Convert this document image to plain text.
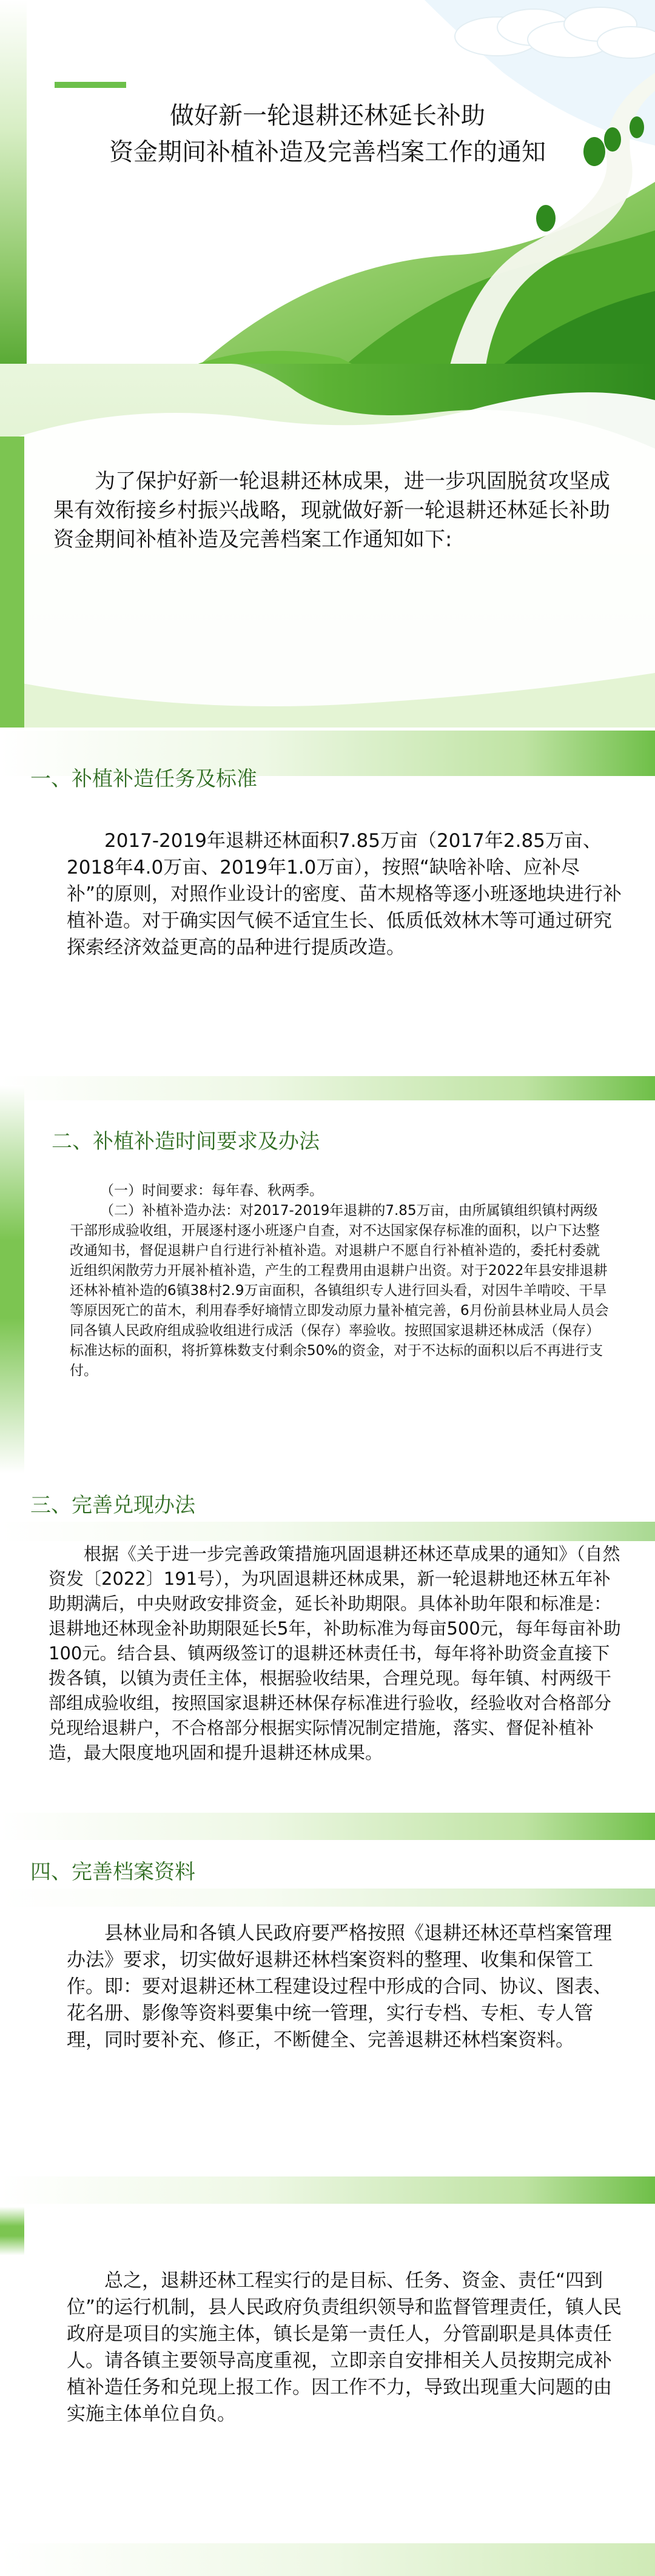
做好新一轮退耕还林延长补助
资金期间补植补造及完善档案工作的通知
为了保护好新一轮退耕还林成果，进一步巩固脱贫攻坚成果有效衔接乡村振兴战略，现就做好新一轮退耕还林延长补助资金期间补植补造及完善档案工作通知如下:
一、补植补造任务及标准
2017-2019年退耕还林面积7.85万亩（2017年2.85万亩、2018年4.0万亩、2019年1.0万亩），按照“缺啥补啥、应补尽补”的原则，对照作业设计的密度、苗木规格等逐小班逐地块进行补植补造。对于确实因气候不适宜生长、低质低效林木等可通过研究探索经济效益更高的品种进行提质改造。
二、补植补造时间要求及办法
（一）时间要求：每年春、秋两季。
（二）补植补造办法：对2017-2019年退耕的7.85万亩，由所属镇组织镇村两级干部形成验收组，开展逐村逐小班逐户自查，对不达国家保存标准的面积，以户下达整改通知书，督促退耕户自行进行补植补造。对退耕户不愿自行补植补造的，委托村委就近组织闲散劳力开展补植补造，产生的工程费用由退耕户出资。对于2022年县安排退耕还林补植补造的6镇38村2.9万亩面积，各镇组织专人进行回头看，对因牛羊啃咬、干旱等原因死亡的苗木，利用春季好墒情立即发动原力量补植完善，6月份前县林业局人员会同各镇人民政府组成验收组进行成活（保存）率验收。按照国家退耕还林成活（保存）标准达标的面积，将折算株数支付剩余50%的资金，对于不达标的面积以后不再进行支付。
三、完善兑现办法
根据《关于进一步完善政策措施巩固退耕还林还草成果的通知》（自然资发〔2022〕191号），为巩固退耕还林成果，新一轮退耕地还林五年补助期满后，中央财政安排资金，延长补助期限。具体补助年限和标准是：退耕地还林现金补助期限延长5年，补助标准为每亩500元，每年每亩补助100元。结合县、镇两级签订的退耕还林责任书，每年将补助资金直接下拨各镇，以镇为责任主体，根据验收结果，合理兑现。每年镇、村两级干部组成验收组，按照国家退耕还林保存标准进行验收，经验收对合格部分兑现给退耕户，不合格部分根据实际情况制定措施，落实、督促补植补造，最大限度地巩固和提升退耕还林成果。
四、完善档案资料
县林业局和各镇人民政府要严格按照《退耕还林还草档案管理办法》要求，切实做好退耕还林档案资料的整理、收集和保管工作。即：要对退耕还林工程建设过程中形成的合同、协议、图表、花名册、影像等资料要集中统一管理，实行专档、专柜、专人管理，同时要补充、修正，不断健全、完善退耕还林档案资料。
总之，退耕还林工程实行的是目标、任务、资金、责任“四到位”的运行机制，县人民政府负责组织领导和监督管理责任，镇人民政府是项目的实施主体，镇长是第一责任人，分管副职是具体责任人。请各镇主要领导高度重视，立即亲自安排相关人员按期完成补植补造任务和兑现上报工作。因工作不力，导致出现重大问题的由实施主体单位自负。
